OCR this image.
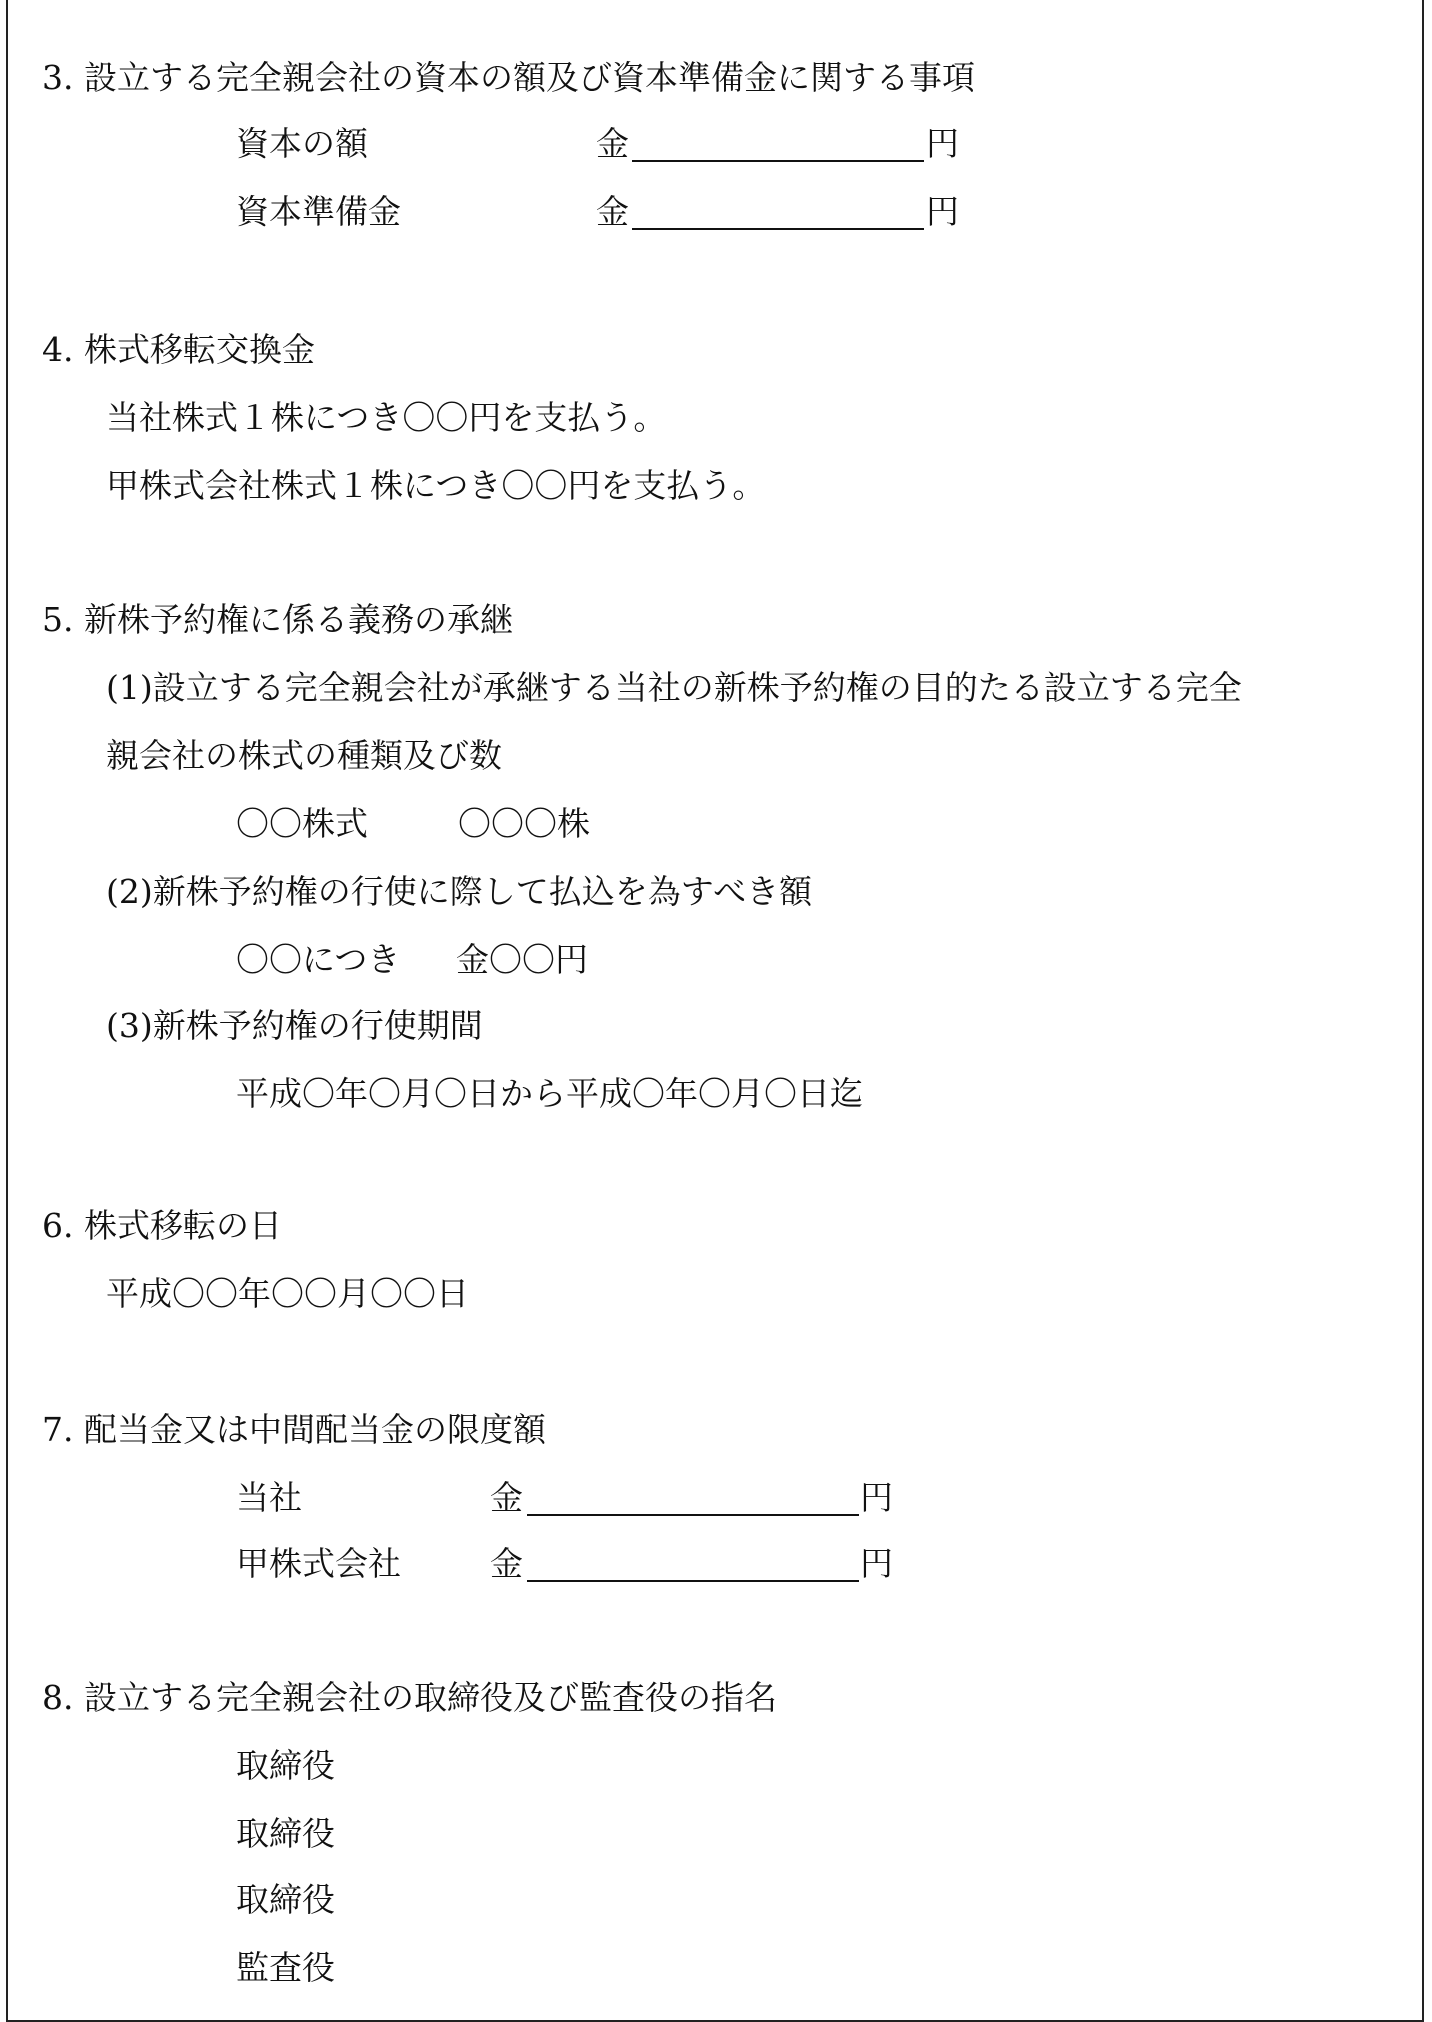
3. 設立する完全親会社の資本の額及び資本準備金に関する事項
資本の額	金	円
資本準備金	金	円
4. 株式移転交換金
当社株式１株につき〇〇円を支払う。
甲株式会社株式１株につき〇〇円を支払う。
5. 新株予約権に係る義務の承継
(1)設立する完全親会社が承継する当社の新株予約権の目的たる設立する完全
親会社の株式の種類及び数
〇〇株式	〇〇〇株
(2)新株予約権の行使に際して払込を為すべき額
〇〇につき 金〇〇円
(3)新株予約権の行使期間
平成〇年〇月〇日から平成〇年〇月〇日迄
6. 株式移転の日
平成〇〇年〇〇月〇〇日
7. 配当金又は中間配当金の限度額
当社	金	円
甲株式会社	金	円
8. 設立する完全親会社の取締役及び監査役の指名
取締役
取締役
取締役
監査役
